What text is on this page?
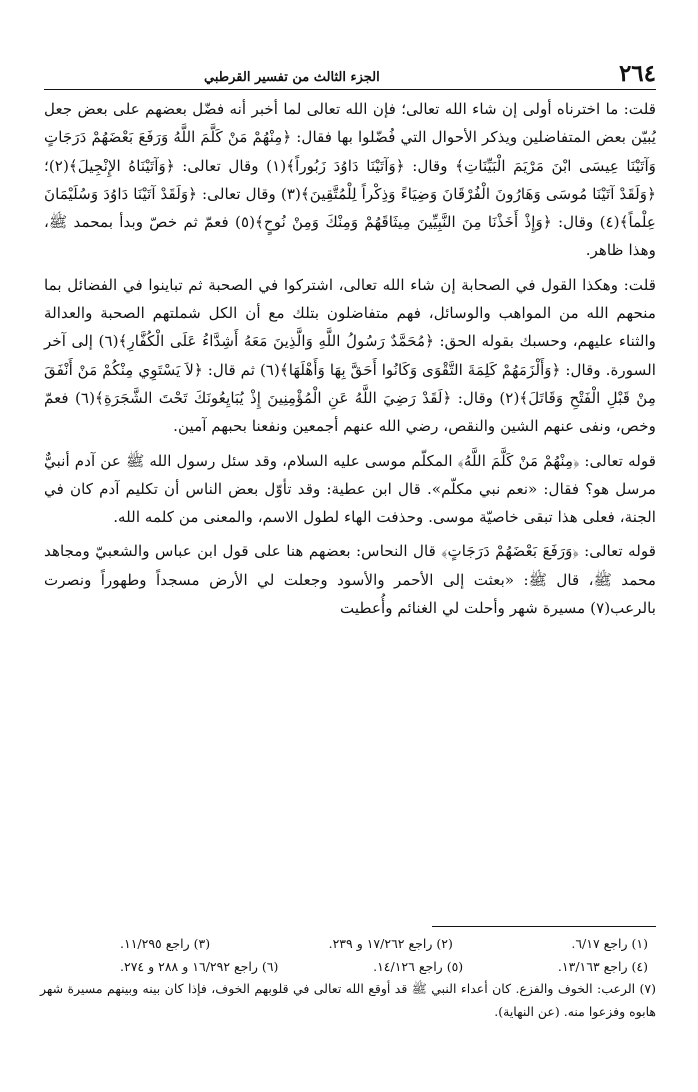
٢٦٤
الجزء الثالث من تفسير القرطبي

قلت: ما اخترناه أولى إن شاء الله تعالى؛ فإن الله تعالى لما أخبر أنه فضّل بعضهم على بعض جعل يُبيّن بعض المتفاضلين ويذكر الأحوال التي فُضّلوا بها فقال: ﴿مِنْهُمْ مَنْ كَلَّمَ اللَّهُ وَرَفَعَ بَعْضَهُمْ دَرَجَاتٍ وَآتَيْنَا عِيسَى ابْنَ مَرْيَمَ الْبَيِّنَاتِ﴾ وقال: ﴿وَآتَيْنَا دَاوُدَ زَبُوراً﴾(١) وقال تعالى: ﴿وَآتَيْنَاهُ الإِنْجِيلَ﴾(٢)؛ ﴿وَلَقَدْ آتَيْنَا مُوسَى وَهَارُونَ الْفُرْقَانَ وَضِيَاءً وَذِكْراً لِلْمُتَّقِينَ﴾(٣) وقال تعالى: ﴿وَلَقَدْ آتَيْنَا دَاوُدَ وَسُلَيْمَانَ عِلْماً﴾(٤) وقال: ﴿وَإِذْ أَخَذْنَا مِنَ النَّبِيِّينَ مِيثَاقَهُمْ وَمِنْكَ وَمِنْ نُوحٍ﴾(٥) فعمّ ثم خصّ وبدأ بمحمد ﷺ، وهذا ظاهر.

قلت: وهكذا القول في الصحابة إن شاء الله تعالى، اشتركوا في الصحبة ثم تباينوا في الفضائل بما منحهم الله من المواهب والوسائل، فهم متفاضلون بتلك مع أن الكل شملتهم الصحبة والعدالة والثناء عليهم، وحسبك بقوله الحق: ﴿مُحَمَّدٌ رَسُولُ اللَّهِ وَالَّذِينَ مَعَهُ أَشِدَّاءُ عَلَى الْكُفَّارِ﴾(٦) إلى آخر السورة. وقال: ﴿وَأَلْزَمَهُمْ كَلِمَةَ التَّقْوَى وَكَانُوا أَحَقَّ بِهَا وَأَهْلَهَا﴾(٦) ثم قال: ﴿لاَ يَسْتَوِي مِنْكُمْ مَنْ أَنْفَقَ مِنْ قَبْلِ الْفَتْحِ وَقَاتَلَ﴾(٢) وقال: ﴿لَقَدْ رَضِيَ اللَّهُ عَنِ الْمُؤْمِنِينَ إِذْ يُبَايِعُونَكَ تَحْتَ الشَّجَرَةِ﴾(٦) فعمّ وخص، ونفى عنهم الشين والنقص، رضي الله عنهم أجمعين ونفعنا بحبهم آمين.

قوله تعالى: ﴿مِنْهُمْ مَنْ كَلَّمَ اللَّهُ﴾ المكلّم موسى عليه السلام، وقد سئل رسول الله ﷺ عن آدم أنبيٌّ مرسل هو؟ فقال: «نعم نبي مكلّم». قال ابن عطية: وقد تأوّل بعض الناس أن تكليم آدم كان في الجنة، فعلى هذا تبقى خاصيّة موسى. وحذفت الهاء لطول الاسم، والمعنى من كلمه الله.

قوله تعالى: ﴿وَرَفَعَ بَعْضَهُمْ دَرَجَاتٍ﴾ قال النحاس: بعضهم هنا على قول ابن عباس والشعبيّ ومجاهد محمد ﷺ، قال ﷺ: «بعثت إلى الأحمر والأسود وجعلت لي الأرض مسجداً وطهوراً ونصرت بالرعب(٧) مسيرة شهر وأحلت لي الغنائم وأُعطيت

(١) راجع ٦/١٧.
(٢) راجع ١٧/٢٦٢ و ٢٣٩.
(٣) راجع ١١/٢٩٥.
(٤) راجع ١٣/١٦٣.
(٥) راجع ١٤/١٢٦.
(٦) راجع ١٦/٢٩٢ و ٢٨٨ و ٢٧٤.
(٧) الرعب: الخوف والفزع. كان أعداء النبي ﷺ قد أوقع الله تعالى في قلوبهم الخوف، فإذا كان بينه وبينهم مسيرة شهر هابوه وفزعوا منه. (عن النهاية).
